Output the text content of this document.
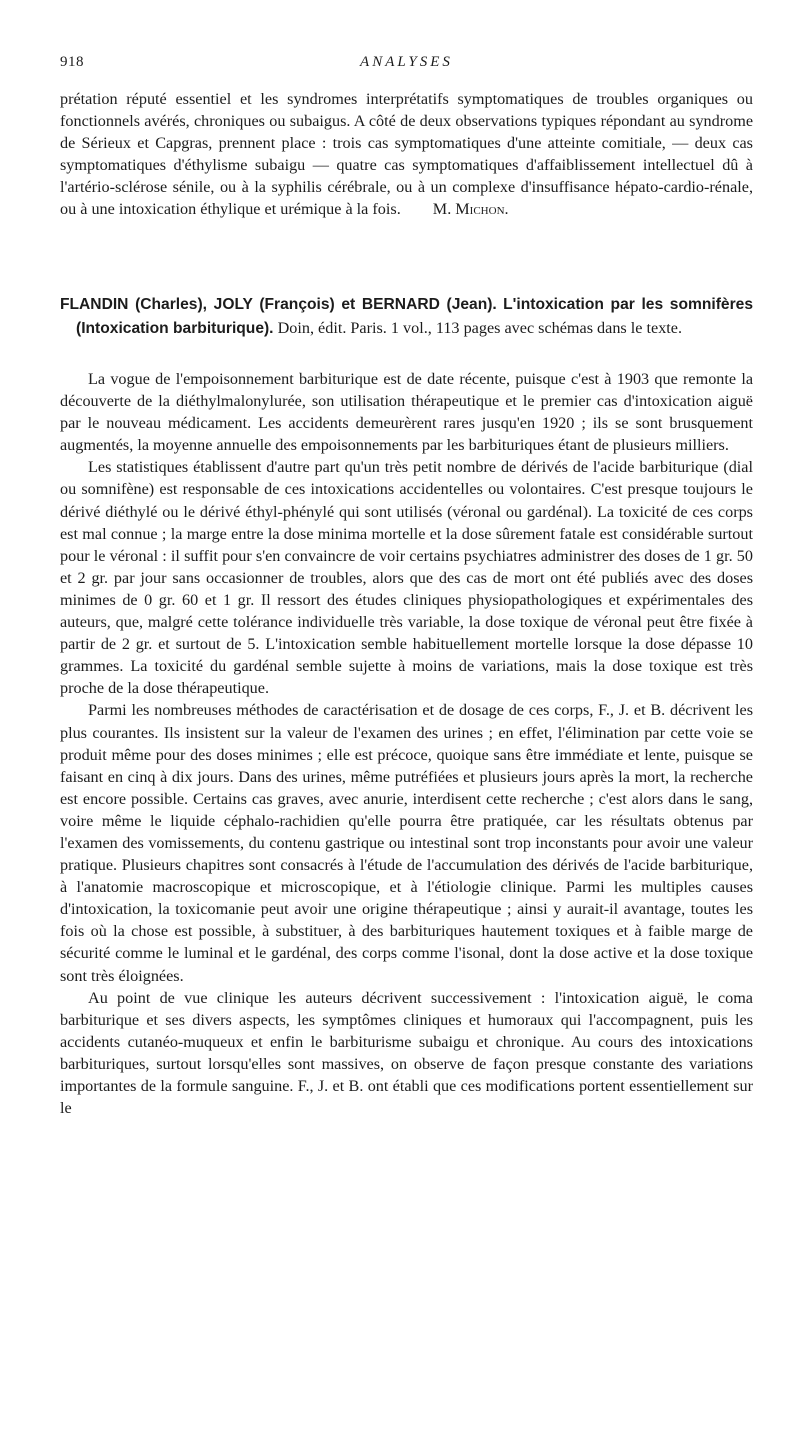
918	ANALYSES

prétation réputé essentiel et les syndromes interprétatifs symptomatiques de troubles organiques ou fonctionnels avérés, chroniques ou subaigus. A côté de deux observations typiques répondant au syndrome de Sérieux et Capgras, prennent place : trois cas symptomatiques d'une atteinte comitiale, — deux cas symptomatiques d'éthylisme subaigu — quatre cas symptomatiques d'affaiblissement intellectuel dû à l'artério-sclérose sénile, ou à la syphilis cérébrale, ou à un complexe d'insuffisance hépato-cardio-rénale, ou à une intoxication éthylique et urémique à la fois. M. Michon.

FLANDIN (Charles), JOLY (François) et BERNARD (Jean). L'intoxication par les somnifères (Intoxication barbiturique). Doin, édit. Paris. 1 vol., 113 pages avec schémas dans le texte.

La vogue de l'empoisonnement barbiturique est de date récente, puisque c'est à 1903 que remonte la découverte de la diéthylmalonylurée, son utilisation thérapeutique et le premier cas d'intoxication aiguë par le nouveau médicament. Les accidents demeurèrent rares jusqu'en 1920 ; ils se sont brusquement augmentés, la moyenne annuelle des empoisonnements par les barbituriques étant de plusieurs milliers.

Les statistiques établissent d'autre part qu'un très petit nombre de dérivés de l'acide barbiturique (dial ou somnifène) est responsable de ces intoxications accidentelles ou volontaires. C'est presque toujours le dérivé diéthylé ou le dérivé éthyl-phénylé qui sont utilisés (véronal ou gardénal). La toxicité de ces corps est mal connue ; la marge entre la dose minima mortelle et la dose sûrement fatale est considérable surtout pour le véronal : il suffit pour s'en convaincre de voir certains psychiatres administrer des doses de 1 gr. 50 et 2 gr. par jour sans occasionner de troubles, alors que des cas de mort ont été publiés avec des doses minimes de 0 gr. 60 et 1 gr. Il ressort des études cliniques physiopathologiques et expérimentales des auteurs, que, malgré cette tolérance individuelle très variable, la dose toxique de véronal peut être fixée à partir de 2 gr. et surtout de 5. L'intoxication semble habituellement mortelle lorsque la dose dépasse 10 grammes. La toxicité du gardénal semble sujette à moins de variations, mais la dose toxique est très proche de la dose thérapeutique.

Parmi les nombreuses méthodes de caractérisation et de dosage de ces corps, F., J. et B. décrivent les plus courantes. Ils insistent sur la valeur de l'examen des urines ; en effet, l'élimination par cette voie se produit même pour des doses minimes ; elle est précoce, quoique sans être immédiate et lente, puisque se faisant en cinq à dix jours. Dans des urines, même putréfiées et plusieurs jours après la mort, la recherche est encore possible. Certains cas graves, avec anurie, interdisent cette recherche ; c'est alors dans le sang, voire même le liquide céphalo-rachidien qu'elle pourra être pratiquée, car les résultats obtenus par l'examen des vomissements, du contenu gastrique ou intestinal sont trop inconstants pour avoir une valeur pratique. Plusieurs chapitres sont consacrés à l'étude de l'accumulation des dérivés de l'acide barbiturique, à l'anatomie macroscopique et microscopique, et à l'étiologie clinique. Parmi les multiples causes d'intoxication, la toxicomanie peut avoir une origine thérapeutique ; ainsi y aurait-il avantage, toutes les fois où la chose est possible, à substituer, à des barbituriques hautement toxiques et à faible marge de sécurité comme le luminal et le gardénal, des corps comme l'isonal, dont la dose active et la dose toxique sont très éloignées.

Au point de vue clinique les auteurs décrivent successivement : l'intoxication aiguë, le coma barbiturique et ses divers aspects, les symptômes cliniques et humoraux qui l'accompagnent, puis les accidents cutanéo-muqueux et enfin le barbiturisme subaigu et chronique. Au cours des intoxications barbituriques, surtout lorsqu'elles sont massives, on observe de façon presque constante des variations importantes de la formule sanguine. F., J. et B. ont établi que ces modifications portent essentiellement sur le
